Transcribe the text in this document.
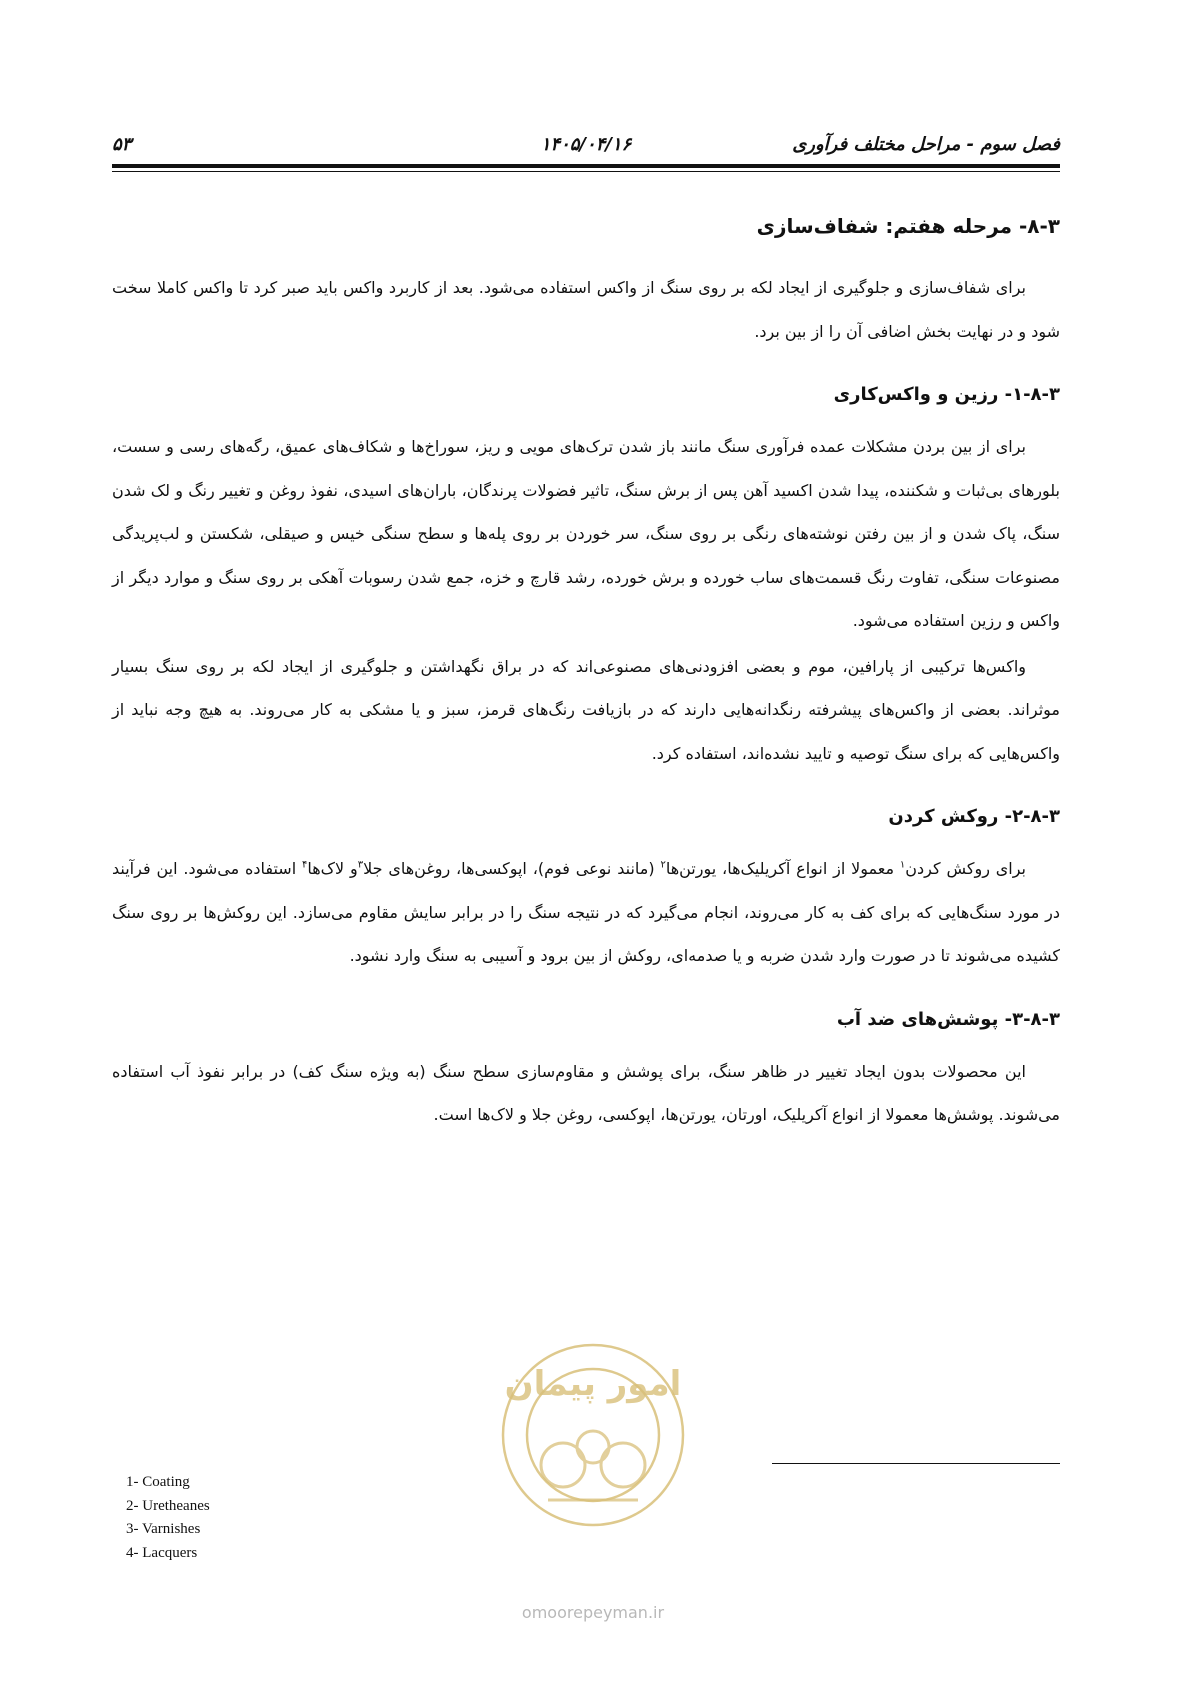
فصل سوم - مراحل مختلف فرآوری
۱۴۰۵/۰۴/۱۶
۵۳
۸-۳- مرحله هفتم: شفاف‌سازی

برای شفاف‌سازی و جلوگیری از ایجاد لکه بر روی سنگ از واکس استفاده می‌شود. بعد از کاربرد واکس باید صبر کرد تا واکس کاملا سخت شود و در نهایت بخش اضافی آن را از بین برد.

۱-۸-۳- رزین و واکس‌کاری

برای از بین بردن مشکلات عمده فرآوری سنگ مانند باز شدن ترک‌های مویی و ریز، سوراخ‌ها و شکاف‌های عمیق، رگه‌های رسی و سست، بلورهای بی‌ثبات و شکننده، پیدا شدن اکسید آهن پس از برش سنگ، تاثیر فضولات پرندگان، باران‌های اسیدی، نفوذ روغن و تغییر رنگ و لک شدن سنگ، پاک شدن و از بین رفتن نوشته‌های رنگی بر روی سنگ، سر خوردن بر روی پله‌ها و سطح سنگی خیس و صیقلی، شکستن و لب‌پریدگی مصنوعات سنگی، تفاوت رنگ قسمت‌های ساب خورده و برش خورده، رشد قارچ و خزه، جمع شدن رسوبات آهکی بر روی سنگ و موارد دیگر از واکس و رزین استفاده می‌شود.

واکس‌ها ترکیبی از پارافین، موم و بعضی افزودنی‌های مصنوعی‌اند که در براق نگهداشتن و جلوگیری از ایجاد لکه بر روی سنگ بسیار موثراند. بعضی از واکس‌های پیشرفته رنگدانه‌هایی دارند که در بازیافت رنگ‌های قرمز، سبز و یا مشکی به کار می‌روند. به هیچ وجه نباید از واکس‌هایی که برای سنگ توصیه و تایید نشده‌اند، استفاده کرد.

۲-۸-۳- روکش کردن

برای روکش کردن$^۱$ معمولا از انواع آکریلیک‌ها، یورتن‌ها$^۲$ (مانند نوعی فوم)، اپوکسی‌ها، روغن‌های جلا$^۳$و لاک‌ها$^۴$ استفاده می‌شود. این فرآیند در مورد سنگ‌هایی که برای کف به کار می‌روند، انجام می‌گیرد که در نتیجه سنگ را در برابر سایش مقاوم می‌سازد. این روکش‌ها بر روی سنگ کشیده می‌شوند تا در صورت وارد شدن ضربه و یا صدمه‌ای، روکش از بین برود و آسیبی به سنگ وارد نشود.

۳-۸-۳- پوشش‌های ضد آب

این محصولات بدون ایجاد تغییر در ظاهر سنگ، برای پوشش و مقاوم‌سازی سطح سنگ (به ویژه سنگ کف) در برابر نفوذ آب استفاده می‌شوند. پوشش‌ها معمولا از انواع آکریلیک، اورتان، یورتن‌ها، اپوکسی، روغن جلا و لاک‌ها است.

امور پیمان
omoorepeyman.ir
1- Coating
2- Uretheanes
3- Varnishes
4- Lacquers
